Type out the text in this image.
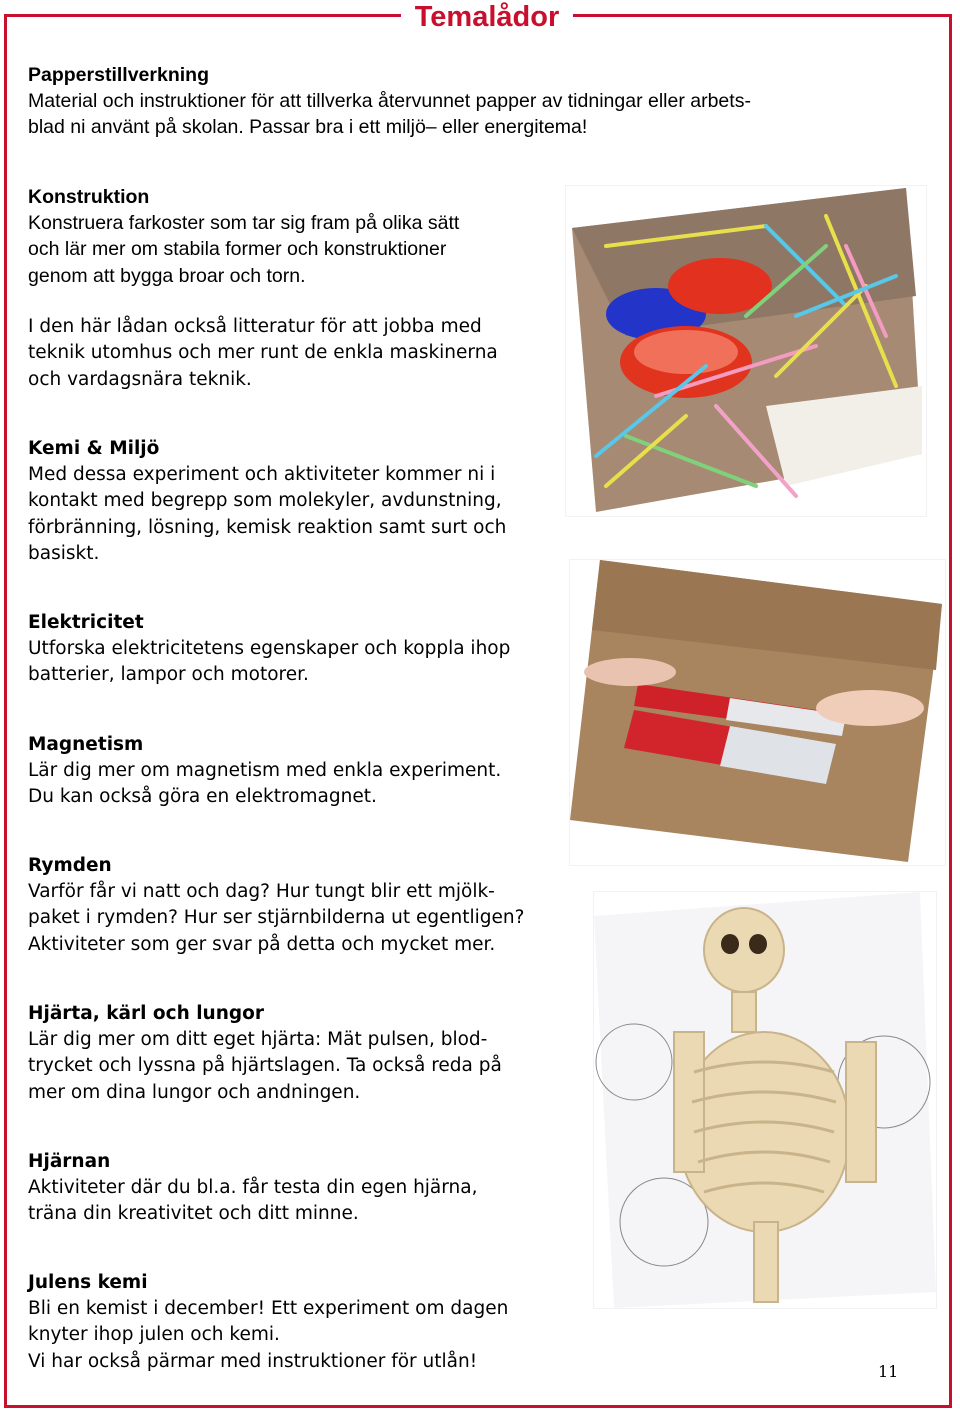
Temalådor
Papperstillverkning

Material och instruktioner för att tillverka återvunnet papper av tidningar eller arbets-
blad ni använt på skolan. Passar bra i ett miljö– eller energitema!

Konstruktion

Konstruera farkoster som tar sig fram på olika sätt
och lär mer om stabila former och konstruktioner
genom att bygga broar och torn.

I den här lådan också litteratur för att jobba med
teknik utomhus och mer runt de enkla maskinerna
och vardagsnära teknik.

Kemi & Miljö

Med dessa experiment och aktiviteter kommer ni i
kontakt med begrepp som molekyler, avdunstning,
förbränning, lösning, kemisk reaktion samt surt och
basiskt.

Elektricitet

Utforska elektricitetens egenskaper och koppla ihop
batterier, lampor och motorer.

Magnetism

Lär dig mer om magnetism med enkla experiment.
Du kan också göra en elektromagnet.

Rymden

Varför får vi natt och dag? Hur tungt blir ett mjölk-
paket i rymden? Hur ser stjärnbilderna ut egentligen?
Aktiviteter som ger svar på detta och mycket mer.

Hjärta, kärl och lungor

Lär dig mer om ditt eget hjärta: Mät pulsen, blod-
trycket och lyssna på hjärtslagen. Ta också reda på
mer om dina lungor och andningen.

Hjärnan

Aktiviteter där du bl.a. får testa din egen hjärna,
träna din kreativitet och ditt minne.

Julens kemi

Bli en kemist i december! Ett experiment om dagen
knyter ihop julen och kemi.
Vi har också pärmar med instruktioner för utlån!	11
